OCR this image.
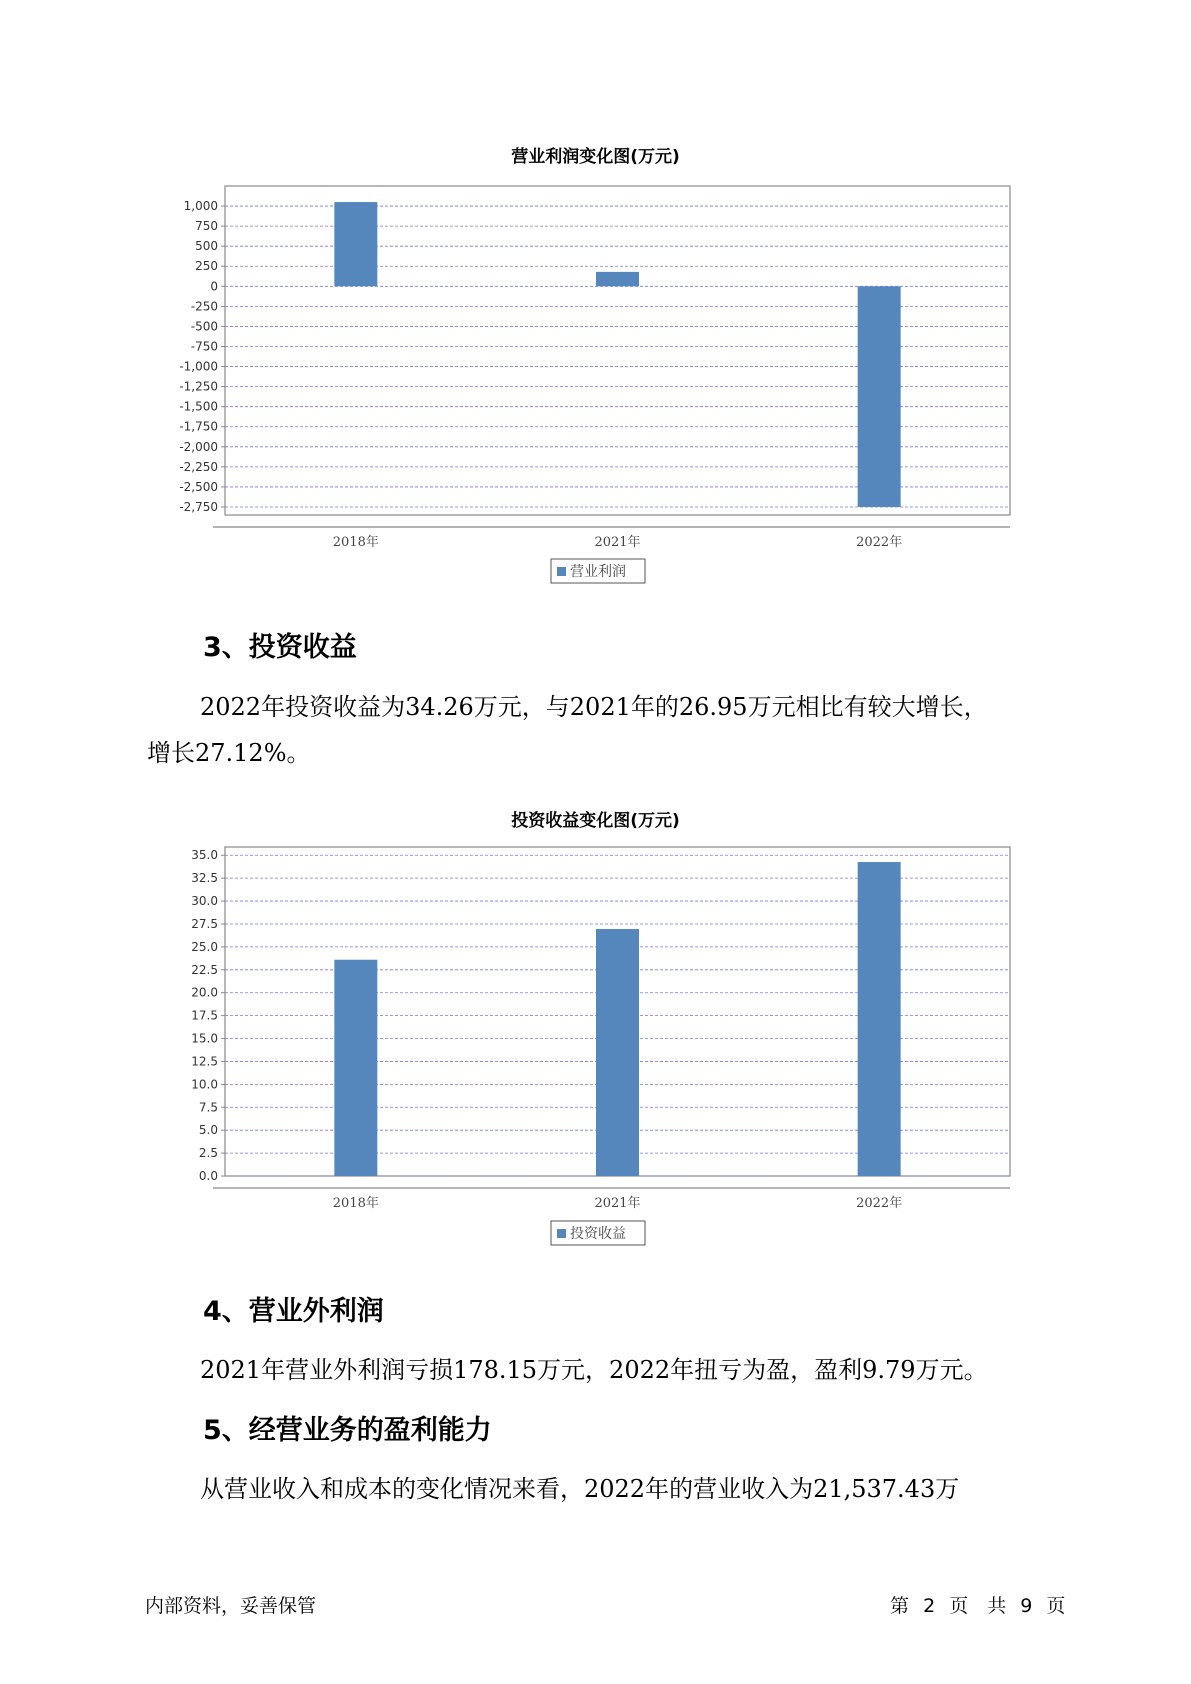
营业利润变化图(万元)
1,000
750
500
250
0
-250
-500
-750
-1,000
-1,250
-1,500
-1,750
-2,000
-2,250
-2,500
-2,750
2018年	2021年	2022年
营业利润
3、投资收益

2022年投资收益为34.26万元，与2021年的26.95万元相比有较大增长，

增长27.12%。

投资收益变化图(万元)
35.0
32.5
30.0
27.5
25.0
22.5
20.0
17.5
15.0
12.5
10.0
7.5
5.0
2.5
0.0
2018年	2021年	2022年
投资收益
4、营业外利润

2021年营业外利润亏损178.15万元，2022年扭亏为盈，盈利9.79万元。

5、经营业务的盈利能力

从营业收入和成本的变化情况来看，2022年的营业收入为21,537.43万

内部资料，妥善保管	第 2 页　共 9 页
